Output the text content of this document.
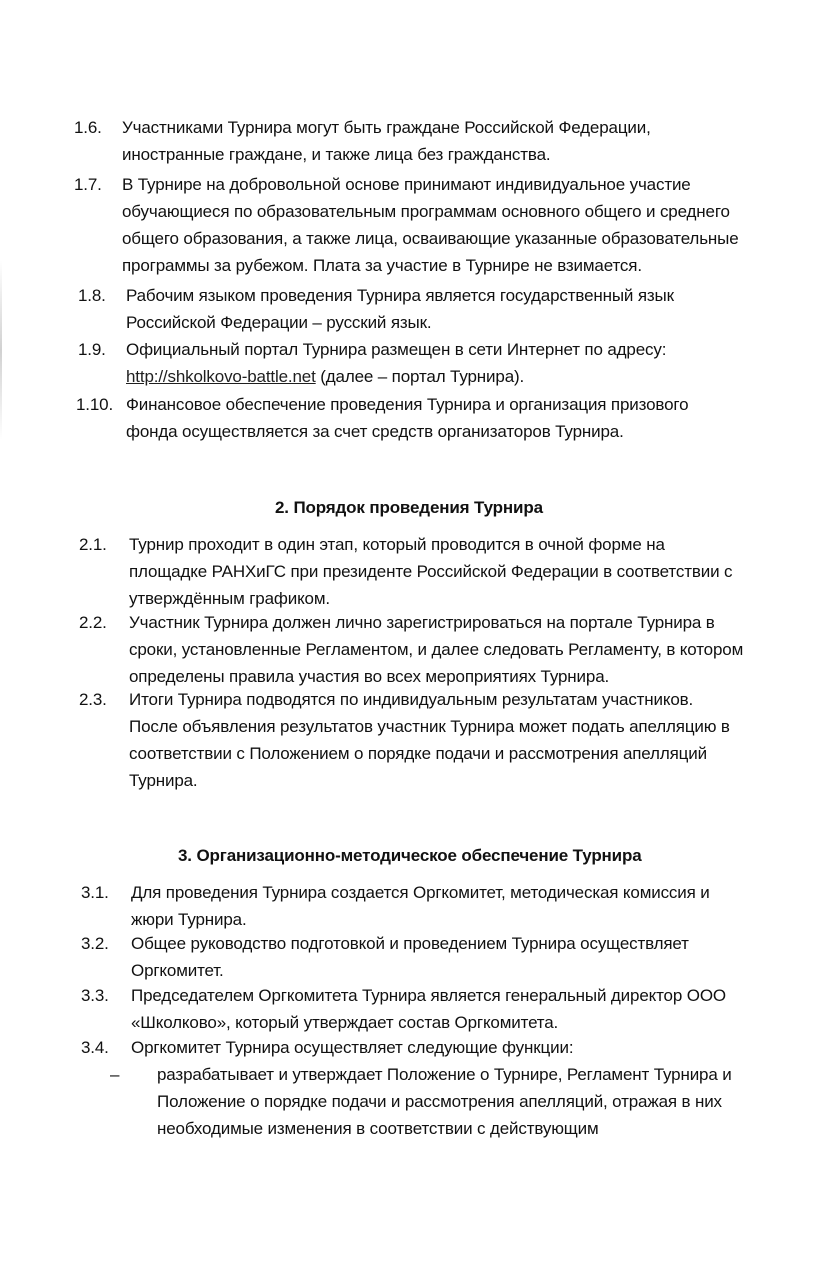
1.6.	Участниками Турнира могут быть граждане Российской Федерации,
иностранные граждане, и также лица без гражданства.
1.7.	В Турнире на добровольной основе принимают индивидуальное участие
обучающиеся по образовательным программам основного общего и среднего
общего образования, а также лица, осваивающие указанные образовательные
программы за рубежом. Плата за участие в Турнире не взимается.
1.8.	Рабочим языком проведения Турнира является государственный язык
Российской Федерации – русский язык.
1.9.	Официальный портал Турнира размещен в сети Интернет по адресу:
http://shkolkovo-battle.net (далее – портал Турнира).
1.10. Финансовое обеспечение проведения Турнира и организация призового
фонда осуществляется за счет средств организаторов Турнира.
2. Порядок проведения Турнира
2.1.	Турнир проходит в один этап, который проводится в очной форме на
площадке РАНХиГС при президенте Российской Федерации в соответствии с
утверждённым графиком.
2.2.	Участник Турнира должен лично зарегистрироваться на портале Турнира в
сроки, установленные Регламентом, и далее следовать Регламенту, в котором
определены правила участия во всех мероприятиях Турнира.
2.3.	Итоги Турнира подводятся по индивидуальным результатам участников.
После объявления результатов участник Турнира может подать апелляцию в
соответствии с Положением о порядке подачи и рассмотрения апелляций
Турнира.
3. Организационно-методическое обеспечение Турнира
3.1.	Для проведения Турнира создается Оргкомитет, методическая комиссия и
жюри Турнира.
3.2.	Общее руководство подготовкой и проведением Турнира осуществляет
Оргкомитет.
3.3.	Председателем Оргкомитета Турнира является генеральный директор ООО
«Школково», который утверждает состав Оргкомитета.
3.4.	Оргкомитет Турнира осуществляет следующие функции:
–	разрабатывает и утверждает Положение о Турнире, Регламент Турнира и
Положение о порядке подачи и рассмотрения апелляций, отражая в них
необходимые изменения в соответствии с действующим
